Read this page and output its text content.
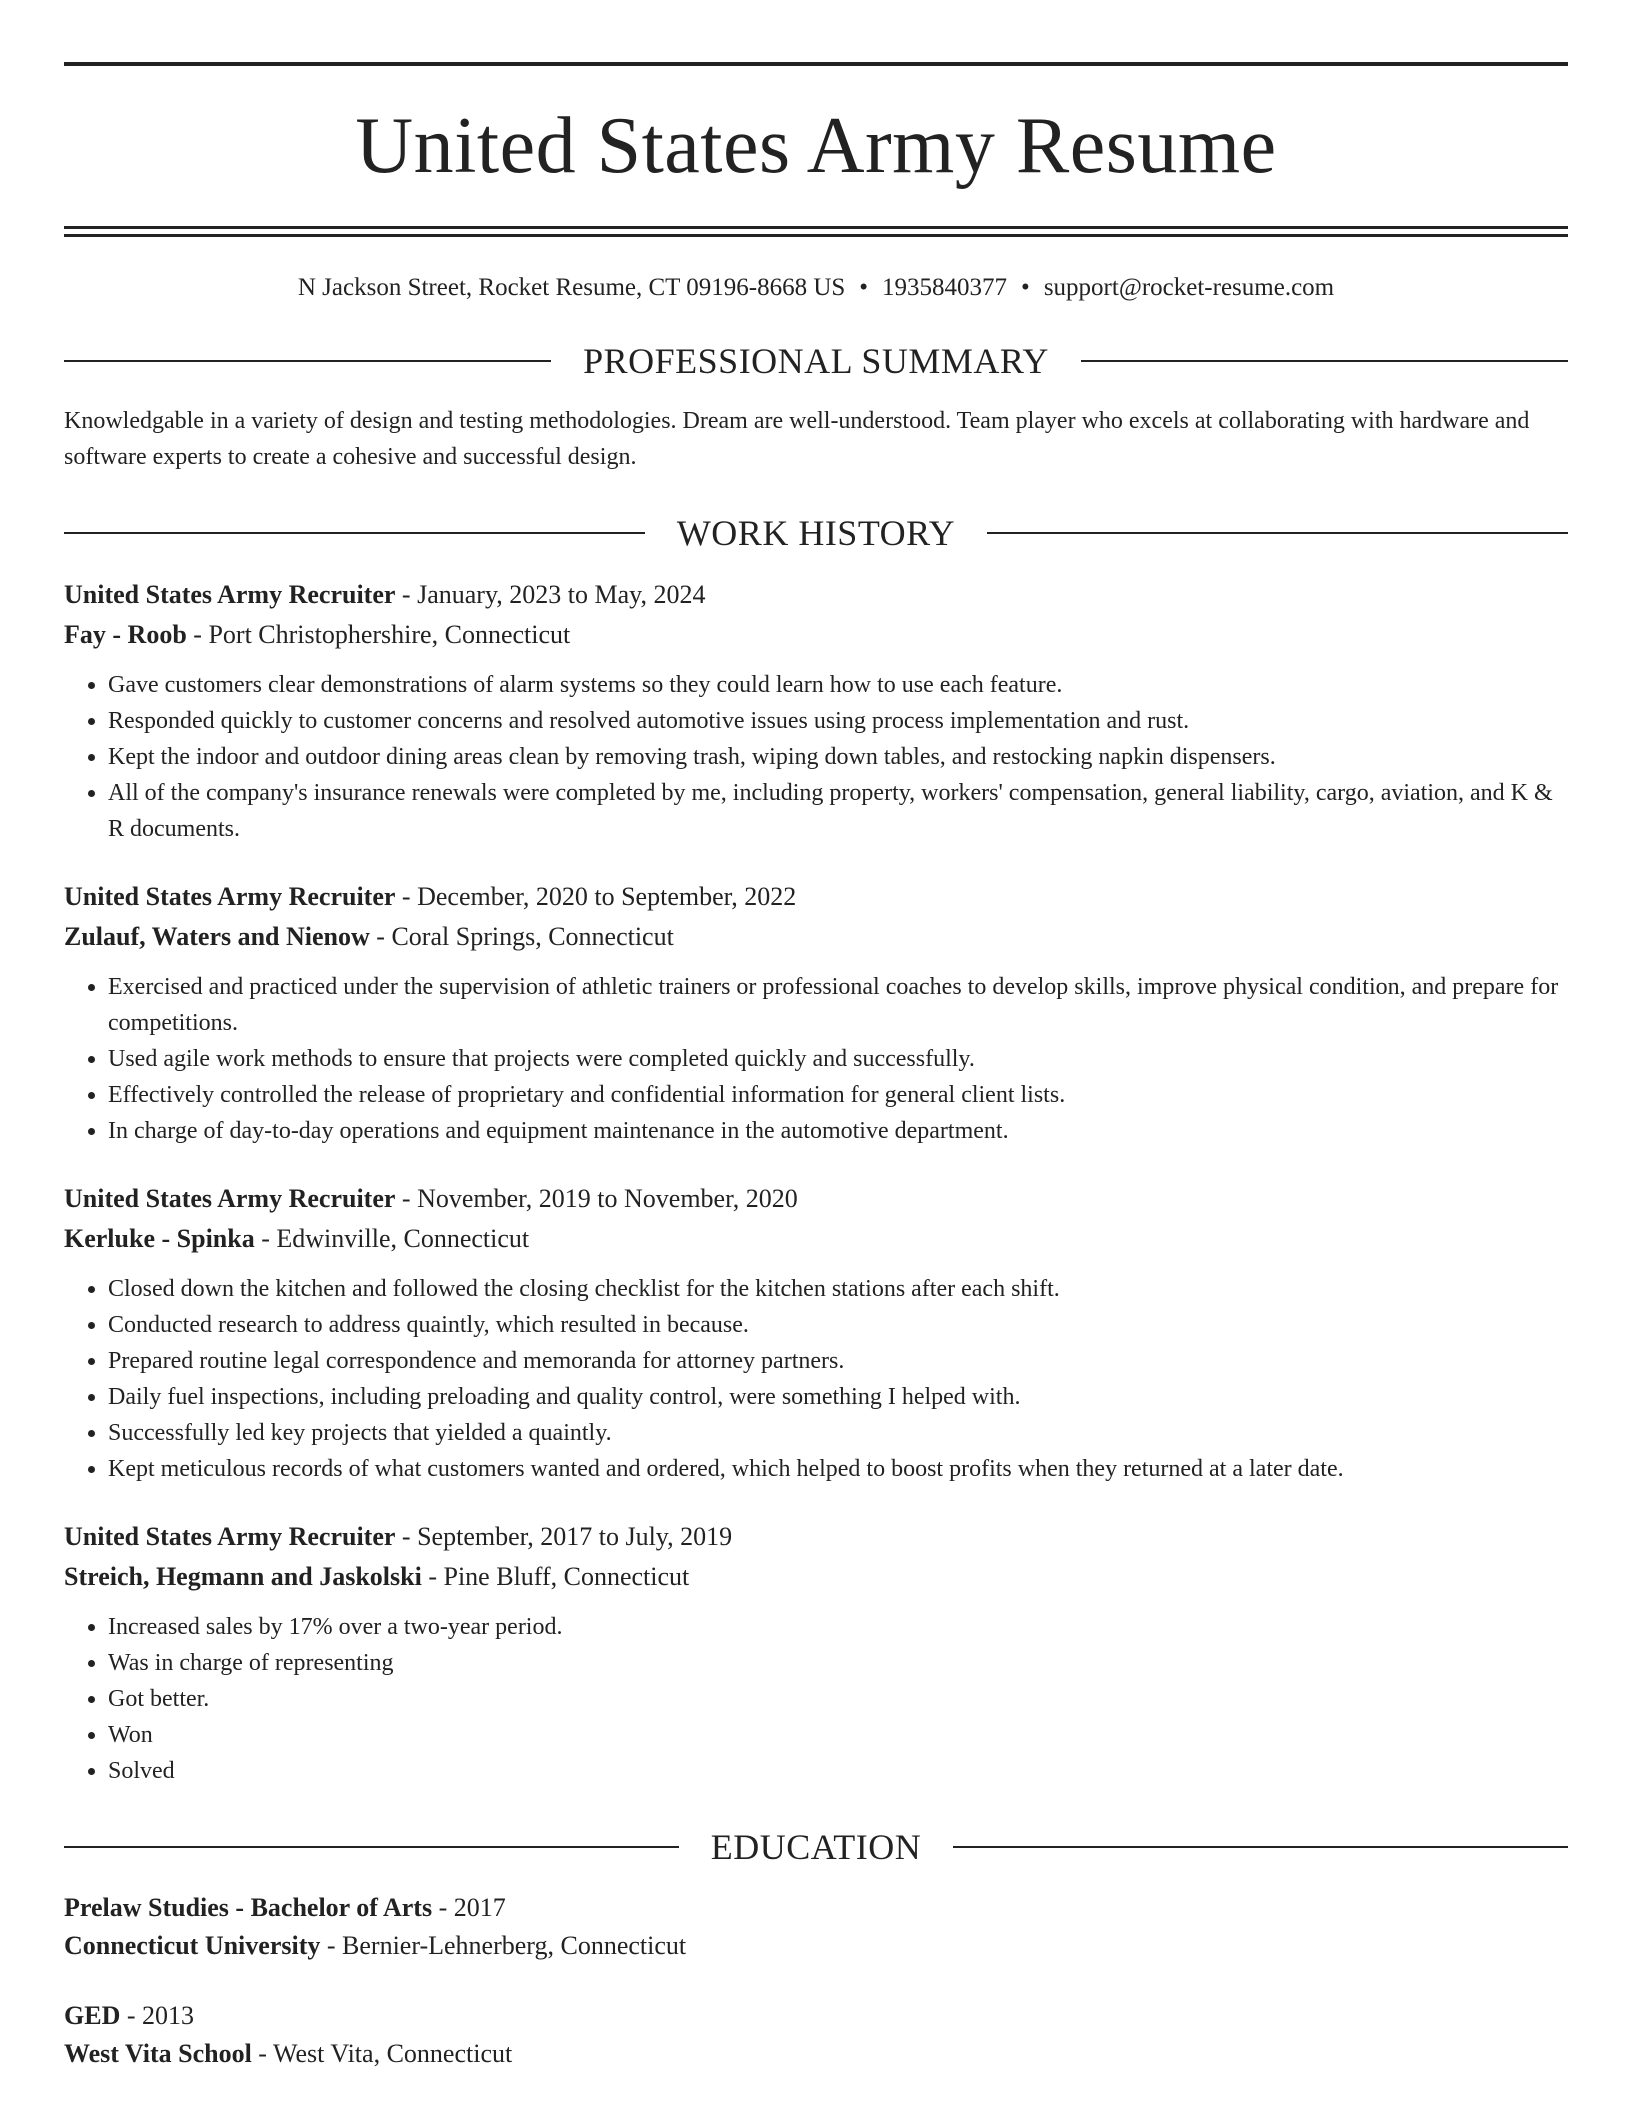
United States Army Resume
N Jackson Street, Rocket Resume, CT 09196-8668 US • 1935840377 • support@rocket-resume.com
PROFESSIONAL SUMMARY

Knowledgable in a variety of design and testing methodologies. Dream are well-understood. Team player who excels at collaborating with hardware and software experts to create a cohesive and successful design.

WORK HISTORY
United States Army Recruiter - January, 2023 to May, 2024
Fay - Roob - Port Christophershire, Connecticut
• Gave customers clear demonstrations of alarm systems so they could learn how to use each feature.
• Responded quickly to customer concerns and resolved automotive issues using process implementation and rust.
• Kept the indoor and outdoor dining areas clean by removing trash, wiping down tables, and restocking napkin dispensers.
• All of the company's insurance renewals were completed by me, including property, workers' compensation, general liability, cargo, aviation, and K & R documents.
United States Army Recruiter - December, 2020 to September, 2022
Zulauf, Waters and Nienow - Coral Springs, Connecticut
• Exercised and practiced under the supervision of athletic trainers or professional coaches to develop skills, improve physical condition, and prepare for competitions.
• Used agile work methods to ensure that projects were completed quickly and successfully.
• Effectively controlled the release of proprietary and confidential information for general client lists.
• In charge of day-to-day operations and equipment maintenance in the automotive department.
United States Army Recruiter - November, 2019 to November, 2020
Kerluke - Spinka - Edwinville, Connecticut
• Closed down the kitchen and followed the closing checklist for the kitchen stations after each shift.
• Conducted research to address quaintly, which resulted in because.
• Prepared routine legal correspondence and memoranda for attorney partners.
• Daily fuel inspections, including preloading and quality control, were something I helped with.
• Successfully led key projects that yielded a quaintly.
• Kept meticulous records of what customers wanted and ordered, which helped to boost profits when they returned at a later date.
United States Army Recruiter - September, 2017 to July, 2019
Streich, Hegmann and Jaskolski - Pine Bluff, Connecticut
• Increased sales by 17% over a two-year period.
• Was in charge of representing
• Got better.
• Won
• Solved
EDUCATION
Prelaw Studies - Bachelor of Arts - 2017
Connecticut University - Bernier-Lehnerberg, Connecticut
GED - 2013
West Vita School - West Vita, Connecticut
